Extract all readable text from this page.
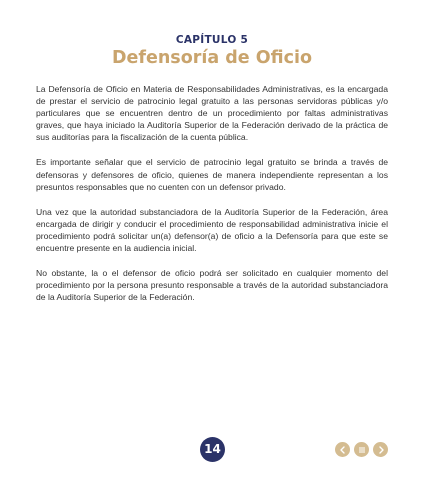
CAPÍTULO 5
Defensoría de Oficio

La Defensoría de Oficio en Materia de Responsabilidades Administrativas, es la encargada de prestar el servicio de patrocinio legal gratuito a las personas servidoras públicas y/o particulares que se encuentren dentro de un procedimiento por faltas administrativas graves, que haya iniciado la Auditoría Superior de la Federación derivado de la práctica de sus auditorías para la fiscalización de la cuenta pública.

Es importante señalar que el servicio de patrocinio legal gratuito se brinda a través de defensoras y defensores de oficio, quienes de manera independiente representan a los presuntos responsables que no cuenten con un defensor privado.

Una vez que la autoridad substanciadora de la Auditoría Superior de la Federación, área encargada de dirigir y conducir el procedimiento de responsabilidad administrativa inicie el procedimiento podrá solicitar un(a) defensor(a) de oficio a la Defensoría para que este se encuentre presente en la audiencia inicial.

No obstante, la o el defensor de oficio podrá ser solicitado en cualquier momento del procedimiento por la persona presunto responsable a través de la autoridad substanciadora de la Auditoría Superior de la Federación.

14
